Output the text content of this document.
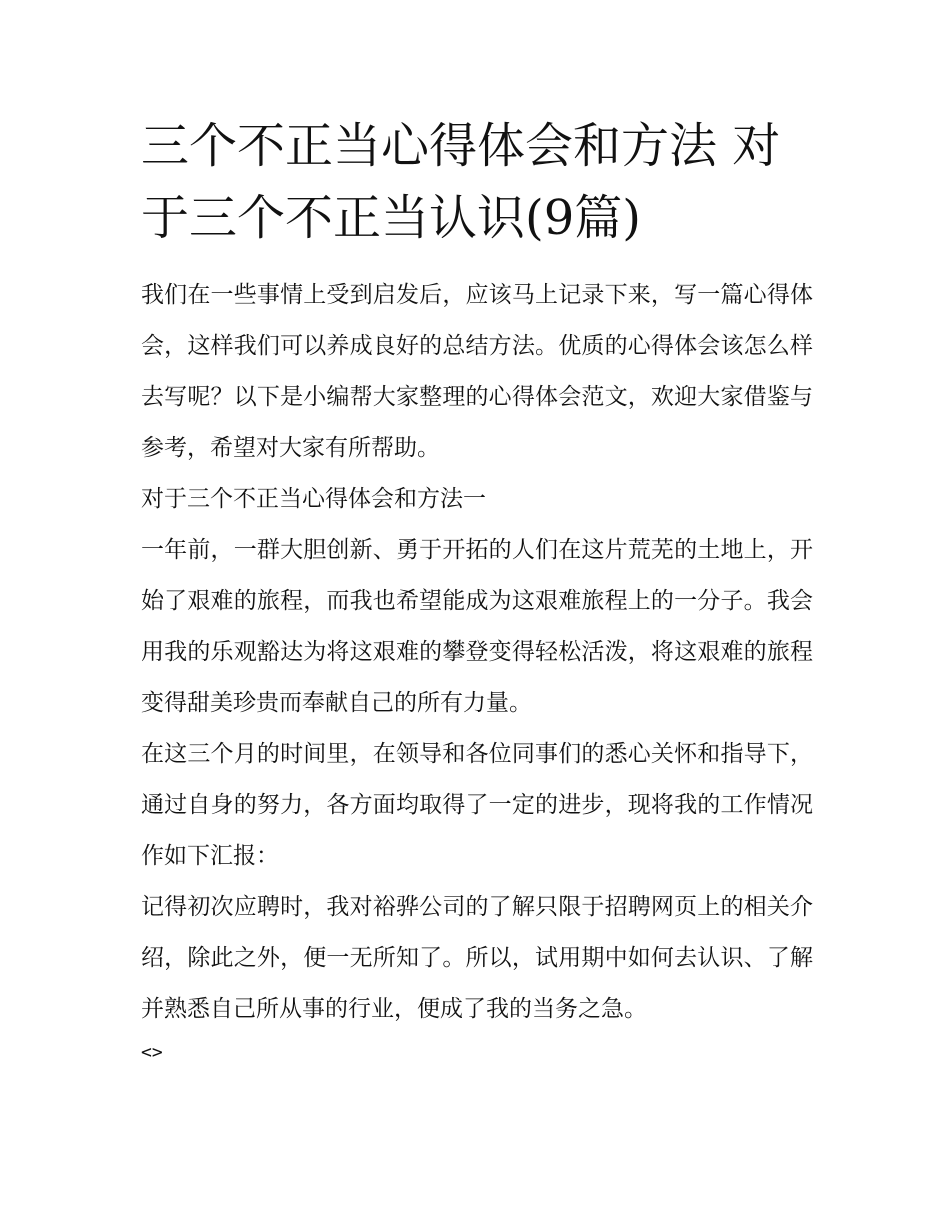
三个不正当心得体会和方法 对于三个不正当认识(9篇)

我们在一些事情上受到启发后，应该马上记录下来，写一篇心得体会，这样我们可以养成良好的总结方法。优质的心得体会该怎么样去写呢？以下是小编帮大家整理的心得体会范文，欢迎大家借鉴与参考，希望对大家有所帮助。

对于三个不正当心得体会和方法一

一年前，一群大胆创新、勇于开拓的人们在这片荒芜的土地上，开始了艰难的旅程，而我也希望能成为这艰难旅程上的一分子。我会用我的乐观豁达为将这艰难的攀登变得轻松活泼，将这艰难的旅程变得甜美珍贵而奉献自己的所有力量。

在这三个月的时间里，在领导和各位同事们的悉心关怀和指导下，通过自身的努力，各方面均取得了一定的进步，现将我的工作情况作如下汇报：

记得初次应聘时，我对裕骅公司的了解只限于招聘网页上的相关介绍，除此之外，便一无所知了。所以，试用期中如何去认识、了解并熟悉自己所从事的行业，便成了我的当务之急。

<>
